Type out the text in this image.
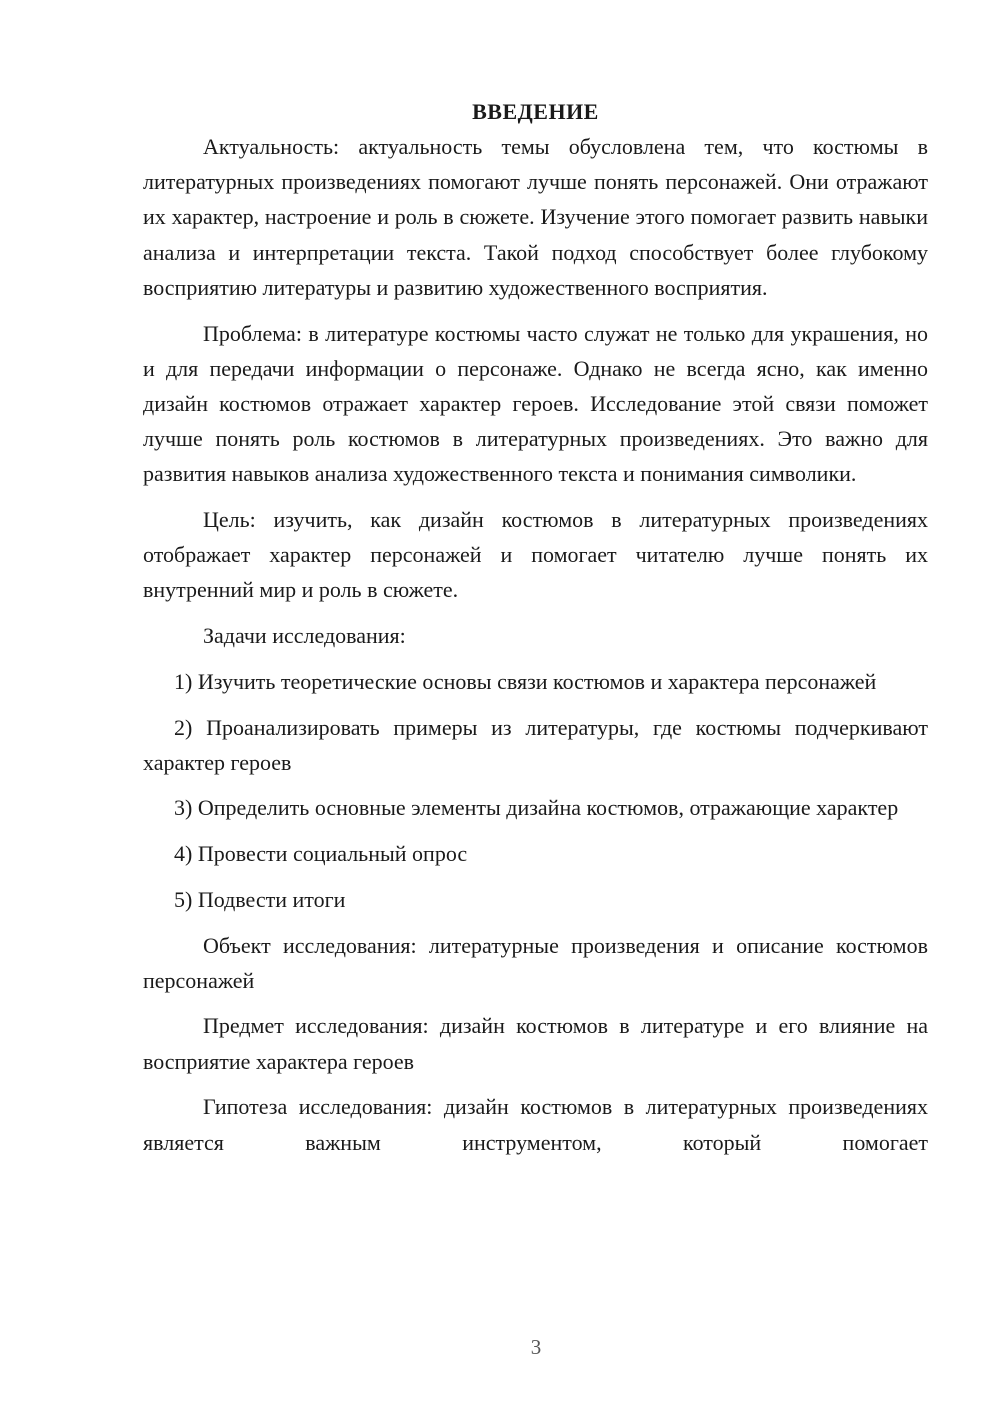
ВВЕДЕНИЕ

Актуальность: актуальность темы обусловлена тем, что костюмы в литературных произведениях помогают лучше понять персонажей. Они отражают их характер, настроение и роль в сюжете. Изучение этого помогает развить навыки анализа и интерпретации текста. Такой подход способствует более глубокому восприятию литературы и развитию художественного восприятия.

Проблема: в литературе костюмы часто служат не только для украшения, но и для передачи информации о персонаже. Однако не всегда ясно, как именно дизайн костюмов отражает характер героев. Исследование этой связи поможет лучше понять роль костюмов в литературных произведениях. Это важно для развития навыков анализа художественного текста и понимания символики.

Цель: изучить, как дизайн костюмов в литературных произведениях отображает характер персонажей и помогает читателю лучше понять их внутренний мир и роль в сюжете.

Задачи исследования:

1) Изучить теоретические основы связи костюмов и характера персонажей

2) Проанализировать примеры из литературы, где костюмы подчеркивают характер героев

3) Определить основные элементы дизайна костюмов, отражающие характер

4) Провести социальный опрос

5) Подвести итоги

Объект исследования: литературные произведения и описание костюмов персонажей

Предмет исследования: дизайн костюмов в литературе и его влияние на восприятие характера героев

Гипотеза исследования: дизайн костюмов в литературных произведениях является важным инструментом, который помогает

3
